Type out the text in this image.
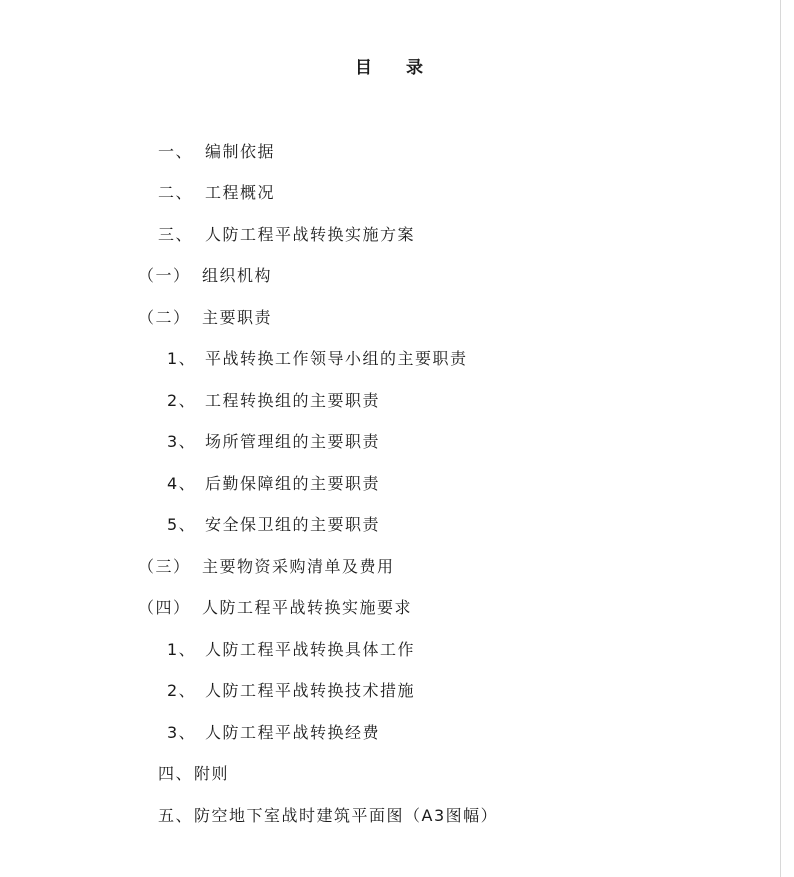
目 录
一、 编制依据
二、 工程概况
三、 人防工程平战转换实施方案
（一） 组织机构
（二） 主要职责
1、 平战转换工作领导小组的主要职责
2、 工程转换组的主要职责
3、 场所管理组的主要职责
4、 后勤保障组的主要职责
5、 安全保卫组的主要职责
（三） 主要物资采购清单及费用
（四） 人防工程平战转换实施要求
1、 人防工程平战转换具体工作
2、 人防工程平战转换技术措施
3、 人防工程平战转换经费
四、附则
五、防空地下室战时建筑平面图（A3图幅）
